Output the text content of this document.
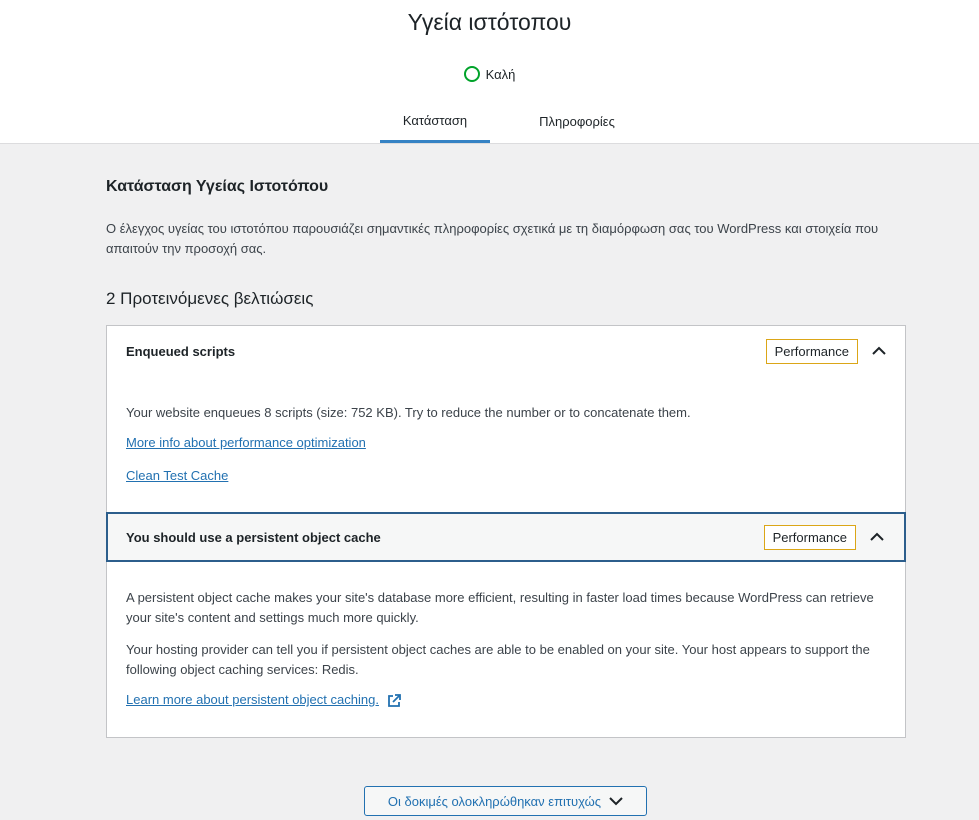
Υγεία ιστότοπου
Καλή
Κατάσταση	Πληροφορίες
Κατάσταση Υγείας Ιστοτόπου

Ο έλεγχος υγείας του ιστοτόπου παρουσιάζει σημαντικές πληροφορίες σχετικά με τη διαμόρφωση σας του WordPress και στοιχεία που απαιτούν την προσοχή σας.

2 Προτεινόμενες βελτιώσεις
Enqueued scripts	Performance

Your website enqueues 8 scripts (size: 752 KB). Try to reduce the number or to concatenate them.

More info about performance optimization
Clean Test Cache
You should use a persistent object cache	Performance

A persistent object cache makes your site's database more efficient, resulting in faster load times because WordPress can retrieve your site's content and settings much more quickly.

Your hosting provider can tell you if persistent object caches are able to be enabled on your site. Your host appears to support the following object caching services: Redis.

Learn more about persistent object caching.
Οι δοκιμές ολοκληρώθηκαν επιτυχώς
